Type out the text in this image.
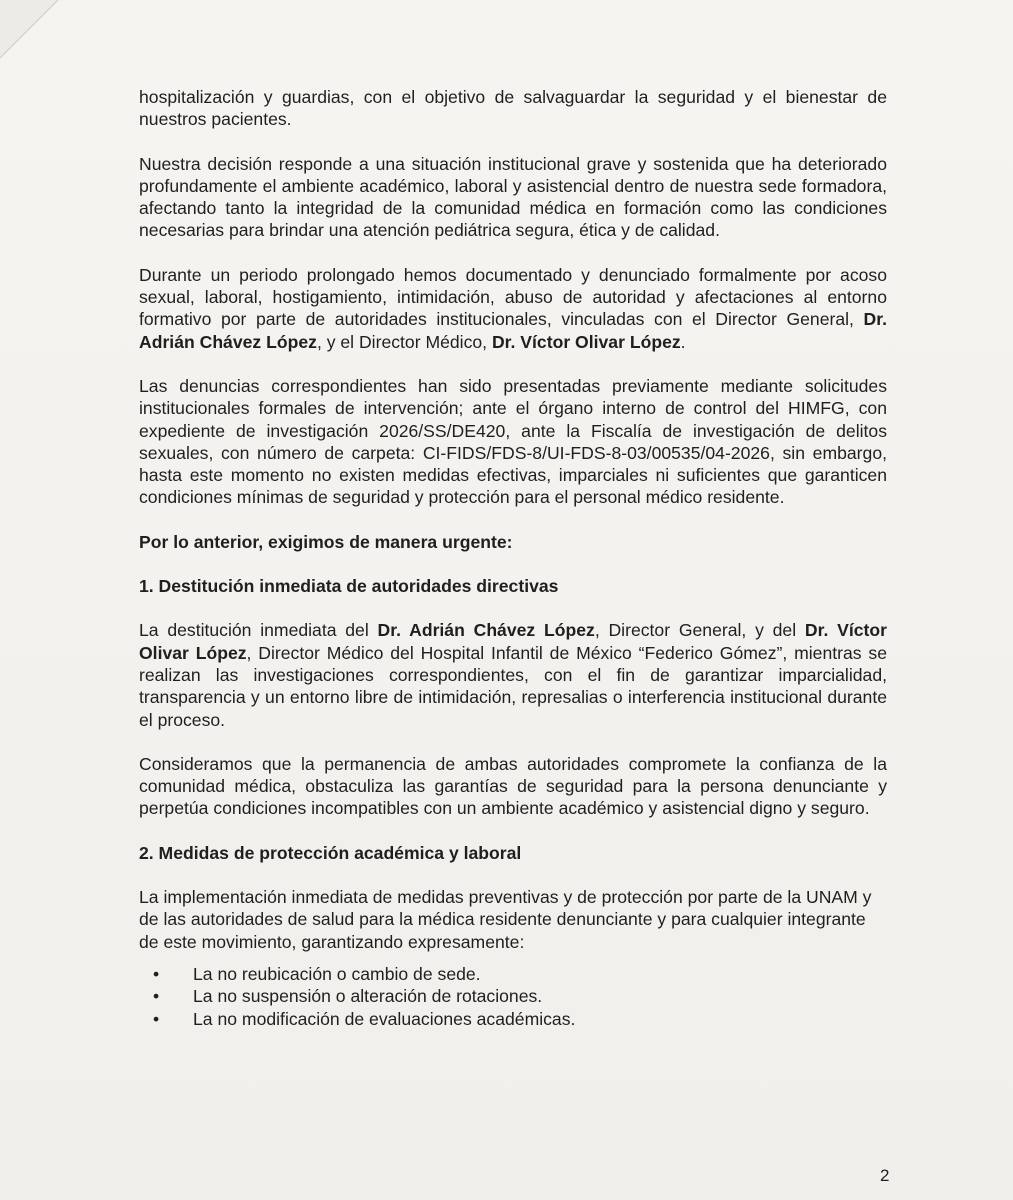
hospitalización y guardias, con el objetivo de salvaguardar la seguridad y el bienestar de nuestros pacientes.

Nuestra decisión responde a una situación institucional grave y sostenida que ha deteriorado profundamente el ambiente académico, laboral y asistencial dentro de nuestra sede formadora, afectando tanto la integridad de la comunidad médica en formación como las condiciones necesarias para brindar una atención pediátrica segura, ética y de calidad.

Durante un periodo prolongado hemos documentado y denunciado formalmente por acoso sexual, laboral, hostigamiento, intimidación, abuso de autoridad y afectaciones al entorno formativo por parte de autoridades institucionales, vinculadas con el Director General, Dr. Adrián Chávez López, y el Director Médico, Dr. Víctor Olivar López.

Las denuncias correspondientes han sido presentadas previamente mediante solicitudes institucionales formales de intervención; ante el órgano interno de control del HIMFG, con expediente de investigación 2026/SS/DE420, ante la Fiscalía de investigación de delitos sexuales, con número de carpeta: CI-FIDS/FDS-8/UI-FDS-8-03/00535/04-2026, sin embargo, hasta este momento no existen medidas efectivas, imparciales ni suficientes que garanticen condiciones mínimas de seguridad y protección para el personal médico residente.

Por lo anterior, exigimos de manera urgente:

1. Destitución inmediata de autoridades directivas

La destitución inmediata del Dr. Adrián Chávez López, Director General, y del Dr. Víctor Olivar López, Director Médico del Hospital Infantil de México “Federico Gómez”, mientras se realizan las investigaciones correspondientes, con el fin de garantizar imparcialidad, transparencia y un entorno libre de intimidación, represalias o interferencia institucional durante el proceso.

Consideramos que la permanencia de ambas autoridades compromete la confianza de la comunidad médica, obstaculiza las garantías de seguridad para la persona denunciante y perpetúa condiciones incompatibles con un ambiente académico y asistencial digno y seguro.

2. Medidas de protección académica y laboral

La implementación inmediata de medidas preventivas y de protección por parte de la UNAM y de las autoridades de salud para la médica residente denunciante y para cualquier integrante de este movimiento, garantizando expresamente:

• La no reubicación o cambio de sede.
• La no suspensión o alteración de rotaciones.
• La no modificación de evaluaciones académicas.
2
